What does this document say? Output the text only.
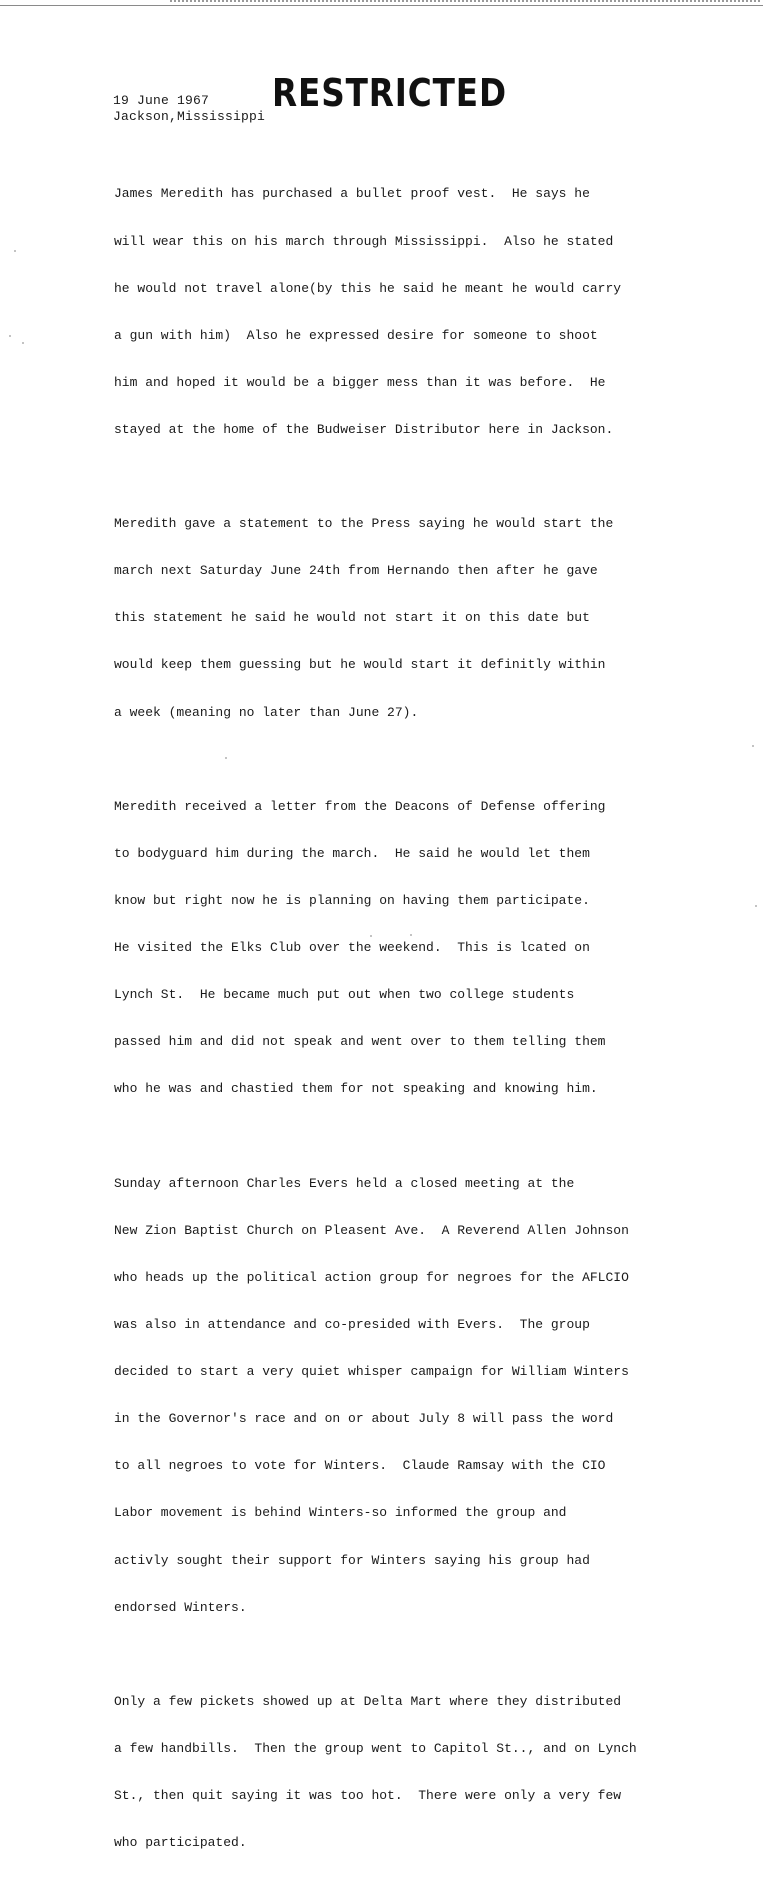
19 June 1967
Jackson,Mississippi
RESTRICTED

James Meredith has purchased a bullet proof vest.  He says he

will wear this on his march through Mississippi.  Also he stated

he would not travel alone(by this he said he meant he would carry

a gun with him)  Also he expressed desire for someone to shoot

him and hoped it would be a bigger mess than it was before.  He

stayed at the home of the Budweiser Distributor here in Jackson.

Meredith gave a statement to the Press saying he would start the

march next Saturday June 24th from Hernando then after he gave

this statement he said he would not start it on this date but

would keep them guessing but he would start it definitly within

a week (meaning no later than June 27).

Meredith received a letter from the Deacons of Defense offering

to bodyguard him during the march.  He said he would let them

know but right now he is planning on having them participate.

He visited the Elks Club over the weekend.  This is lcated on

Lynch St.  He became much put out when two college students

passed him and did not speak and went over to them telling them

who he was and chastied them for not speaking and knowing him.

Sunday afternoon Charles Evers held a closed meeting at the

New Zion Baptist Church on Pleasent Ave.  A Reverend Allen Johnson

who heads up the political action group for negroes for the AFLCIO

was also in attendance and co-presided with Evers.  The group

decided to start a very quiet whisper campaign for William Winters

in the Governor's race and on or about July 8 will pass the word

to all negroes to vote for Winters.  Claude Ramsay with the CIO

Labor movement is behind Winters-so informed the group and

activly sought their support for Winters saying his group had

endorsed Winters.

Only a few pickets showed up at Delta Mart where they distributed

a few handbills.  Then the group went to Capitol St.., and on Lynch

St., then quit saying it was too hot.  There were only a very few

who participated.
